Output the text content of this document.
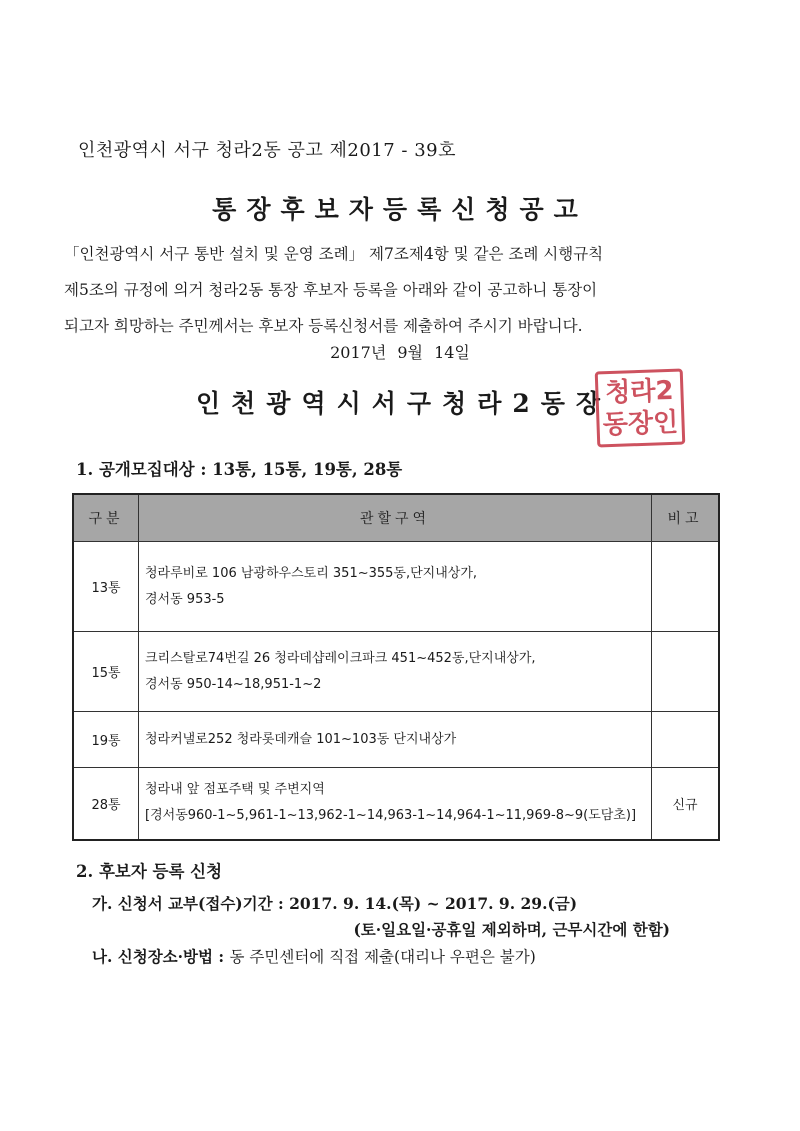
인천광역시 서구 청라2동 공고 제2017 - 39호
통장후보자등록신청공고
「인천광역시 서구 통반 설치 및 운영 조례」 제7조제4항 및 같은 조례 시행규칙
제5조의 규정에 의거 청라2동 통장 후보자 등록을 아래와 같이 공고하니 통장이
되고자 희망하는 주민께서는 후보자 등록신청서를 제출하여 주시기 바랍니다.
2017년 9월 14일
인천광역시서구청라2동장
청라2
동장인
1. 공개모집대상 : 13통, 15통, 19통, 28통
구분	관할구역	비고
13통	청라루비로 106 남광하우스토리 351~355동,단지내상가,
경서동 953-5	

15통	크리스탈로74번길 26 청라데샵레이크파크 451~452동,단지내상가,
경서동 950-14~18,951-1~2	

19통	청라커낼로252 청라롯데캐슬 101~103동 단지내상가	

28통	청라내 앞 점포주택 및 주변지역
[경서동960-1~5,961-1~13,962-1~14,963-1~14,964-1~11,969-8~9(도담초)]	신규
2. 후보자 등록 신청
가. 신청서 교부(접수)기간 : 2017. 9. 14.(목) ~ 2017. 9. 29.(금)
(토·일요일·공휴일 제외하며, 근무시간에 한함)
나. 신청장소·방법 : 동 주민센터에 직접 제출(대리나 우편은 불가)
